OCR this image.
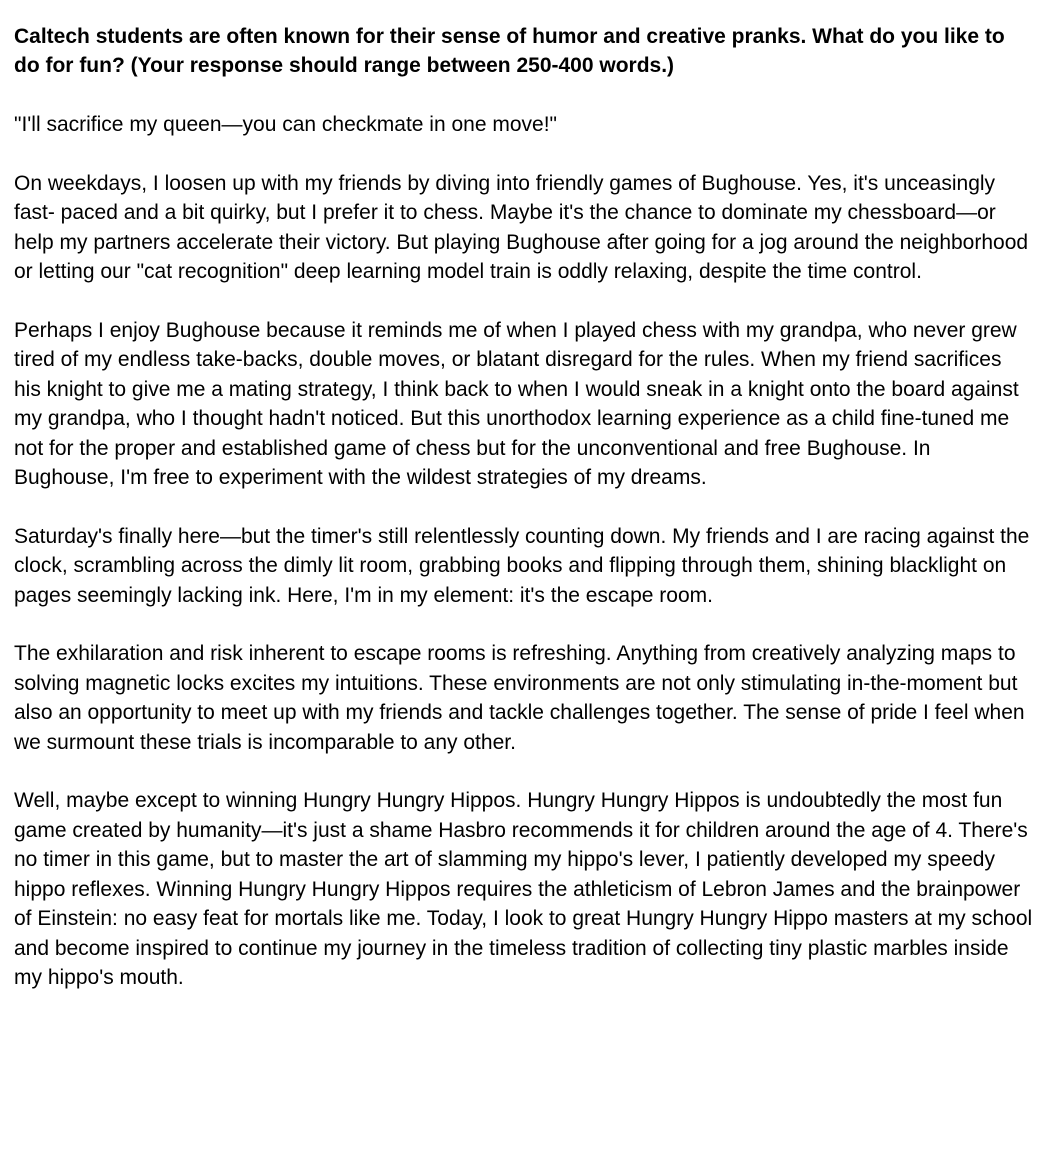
Caltech students are often known for their sense of humor and creative pranks. What do you like to do for fun? (Your response should range between 250-400 words.)

"I'll sacrifice my queen—you can checkmate in one move!"

On weekdays, I loosen up with my friends by diving into friendly games of Bughouse. Yes, it's unceasingly fast- paced and a bit quirky, but I prefer it to chess. Maybe it's the chance to dominate my chessboard—or help my partners accelerate their victory. But playing Bughouse after going for a jog around the neighborhood or letting our "cat recognition" deep learning model train is oddly relaxing, despite the time control.

Perhaps I enjoy Bughouse because it reminds me of when I played chess with my grandpa, who never grew tired of my endless take-backs, double moves, or blatant disregard for the rules. When my friend sacrifices his knight to give me a mating strategy, I think back to when I would sneak in a knight onto the board against my grandpa, who I thought hadn't noticed. But this unorthodox learning experience as a child fine-tuned me not for the proper and established game of chess but for the unconventional and free Bughouse. In Bughouse, I'm free to experiment with the wildest strategies of my dreams.

Saturday's finally here—but the timer's still relentlessly counting down. My friends and I are racing against the clock, scrambling across the dimly lit room, grabbing books and flipping through them, shining blacklight on pages seemingly lacking ink. Here, I'm in my element: it's the escape room.

The exhilaration and risk inherent to escape rooms is refreshing. Anything from creatively analyzing maps to solving magnetic locks excites my intuitions. These environments are not only stimulating in-the-moment but also an opportunity to meet up with my friends and tackle challenges together. The sense of pride I feel when we surmount these trials is incomparable to any other.

Well, maybe except to winning Hungry Hungry Hippos. Hungry Hungry Hippos is undoubtedly the most fun game created by humanity—it's just a shame Hasbro recommends it for children around the age of 4. There's no timer in this game, but to master the art of slamming my hippo's lever, I patiently developed my speedy hippo reflexes. Winning Hungry Hungry Hippos requires the athleticism of Lebron James and the brainpower of Einstein: no easy feat for mortals like me. Today, I look to great Hungry Hungry Hippo masters at my school and become inspired to continue my journey in the timeless tradition of collecting tiny plastic marbles inside my hippo's mouth.
